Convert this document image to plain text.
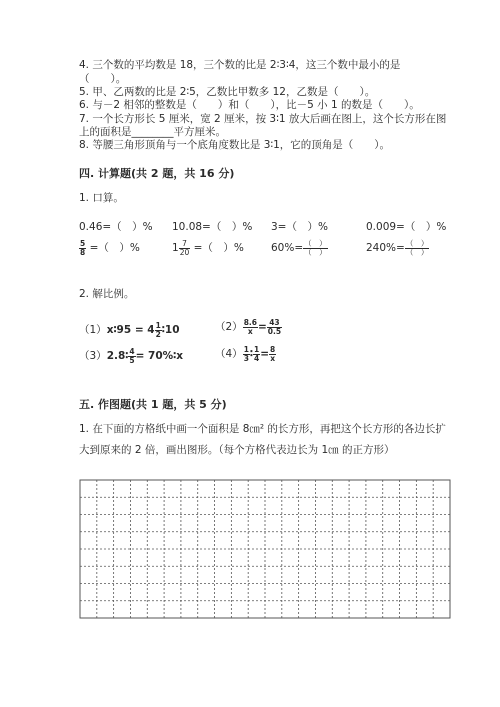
4. 三个数的平均数是 18，三个数的比是 2∶3∶4，这三个数中最小的是
（　　）。
5. 甲、乙两数的比是 2∶5，乙数比甲数多 12，乙数是（　　）。
6. 与－2 相邻的整数是（　　）和（　　），比－5 小 1 的数是（　　）。
7. 一个长方形长 5 厘米，宽 2 厘米，按 3∶1 放大后画在图上，这个长方形在图
上的面积是________平方厘米。
8. 等腰三角形顶角与一个底角度数比是 3∶1，它的顶角是（　　）。
四. 计算题(共 2 题，共 16 分)
1. 口算。
0.46=（　）% 10.08=（　）% 3=（　）%	0.009=（　）%
$\frac{5}{8}$ =（　）%	$1 \frac{7}{20}$ =（　）%	$60\%= \frac{( )}{( )}$	$240\%= \frac{( )}{( )}$
2. 解比例。
（1）x∶95 = $4 \frac{1}{2}$ ∶10	$(2) \frac{8.6}{x} = \frac{43}{0.5}$
（3）2.8∶ $\frac{4}{5}$ = 70%∶x	$(4) \frac{1}{3}$ ∶ $\frac{1}{4} = \frac{8}{x}$
五. 作图题(共 1 题，共 5 分)
1. 在下面的方格纸中画一个面积是 8㎝² 的长方形，再把这个长方形的各边长扩
大到原来的 2 倍，画出图形。（每个方格代表边长为 1㎝ 的正方形）
